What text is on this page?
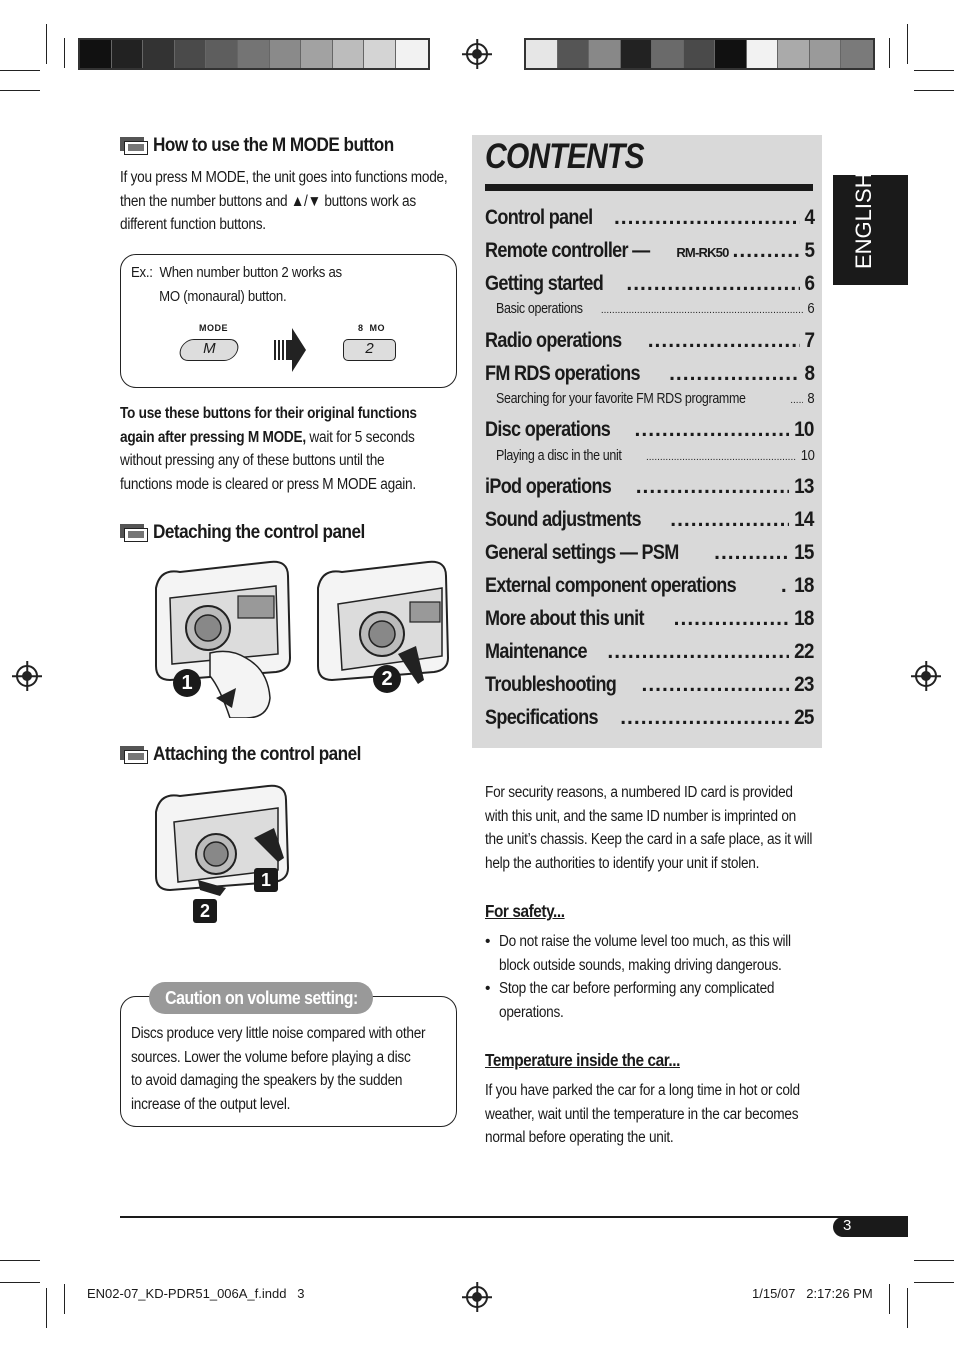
How to use the M MODE button
If you press M MODE, the unit goes into functions mode,
then the number buttons and ▲/▼ buttons work as
different function buttons.
Ex.: When number button 2 works as
MO (monaural) button.
MODE
M
8  MO
2
To use these buttons for their original functions
again after pressing M MODE, wait for 5 seconds
without pressing any of these buttons until the
functions mode is cleared or press M MODE again.
Detaching the control panel
1	2
Attaching the control panel
1
2
Caution on volume setting:
Discs produce very little noise compared with other
sources. Lower the volume before playing a disc
to avoid damaging the speakers by the sudden
increase of the output level.
CONTENTS
Control panel .....	4
Remote controller — RM-RK50 .....	5
Getting started .....	6
Basic operations .....	6
Radio operations .....	7
FM RDS operations .....	8
Searching for your favorite FM RDS programme .....	8
Disc operations .....	10
Playing a disc in the unit .....	10
iPod operations .....	13
Sound adjustments .....	14
General settings — PSM .....	15
External component operations .....	18
More about this unit .....	18
Maintenance .....	22
Troubleshooting .....	23
Specifications .....	25
ENGLISH
For security reasons, a numbered ID card is provided
with this unit, and the same ID number is imprinted on
the unit’s chassis. Keep the card in a safe place, as it will
help the authorities to identify your unit if stolen.
For safety...
• Do not raise the volume level too much, as this will
block outside sounds, making driving dangerous.
• Stop the car before performing any complicated
operations.
Temperature inside the car...
If you have parked the car for a long time in hot or cold
weather, wait until the temperature in the car becomes
normal before operating the unit.
3
EN02-07_KD-PDR51_006A_f.indd   3	1/15/07   2:17:26 PM
